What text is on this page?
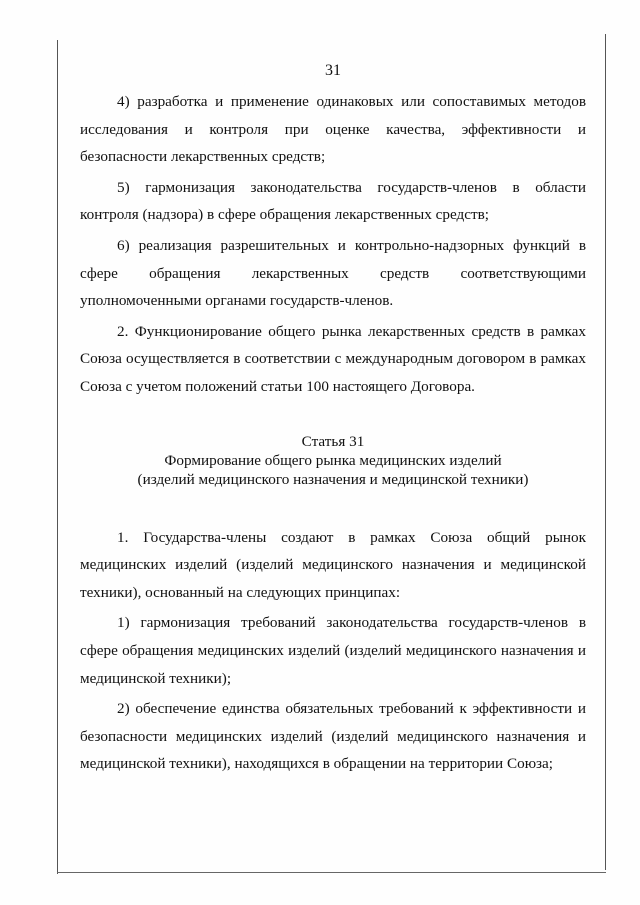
31

4) разработка и применение одинаковых или сопоставимых методов исследования и контроля при оценке качества, эффективности и безопасности лекарственных средств;

5) гармонизация законодательства государств-членов в области контроля (надзора) в сфере обращения лекарственных средств;

6) реализация разрешительных и контрольно-надзорных функций в сфере обращения лекарственных средств соответствующими уполномоченными органами государств-членов.

2. Функционирование общего рынка лекарственных средств в рамках Союза осуществляется в соответствии с международным договором в рамках Союза с учетом положений статьи 100 настоящего Договора.

Статья 31
Формирование общего рынка медицинских изделий
(изделий медицинского назначения и медицинской техники)

1. Государства-члены создают в рамках Союза общий рынок медицинских изделий (изделий медицинского назначения и медицинской техники), основанный на следующих принципах:

1) гармонизация требований законодательства государств-членов в сфере обращения медицинских изделий (изделий медицинского назначения и медицинской техники);

2) обеспечение единства обязательных требований к эффективности и безопасности медицинских изделий (изделий медицинского назначения и медицинской техники), находящихся в обращении на территории Союза;
